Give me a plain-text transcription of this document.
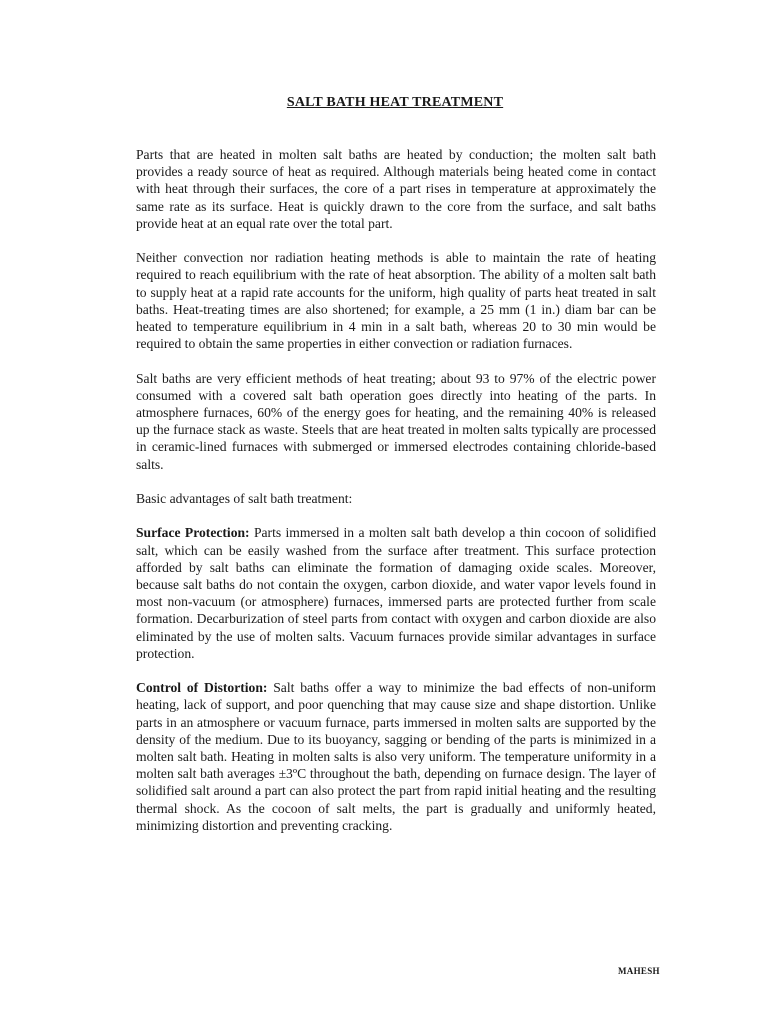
SALT BATH HEAT TREATMENT

Parts that are heated in molten salt baths are heated by conduction; the molten salt bath provides a ready source of heat as required. Although materials being heated come in contact with heat through their surfaces, the core of a part rises in temperature at approximately the same rate as its surface. Heat is quickly drawn to the core from the surface, and salt baths provide heat at an equal rate over the total part.

Neither convection nor radiation heating methods is able to maintain the rate of heating required to reach equilibrium with the rate of heat absorption. The ability of a molten salt bath to supply heat at a rapid rate accounts for the uniform, high quality of parts heat treated in salt baths. Heat-treating times are also shortened; for example, a 25 mm (1 in.) diam bar can be heated to temperature equilibrium in 4 min in a salt bath, whereas 20 to 30 min would be required to obtain the same properties in either convection or radiation furnaces.

Salt baths are very efficient methods of heat treating; about 93 to 97% of the electric power consumed with a covered salt bath operation goes directly into heating of the parts. In atmosphere furnaces, 60% of the energy goes for heating, and the remaining 40% is released up the furnace stack as waste. Steels that are heat treated in molten salts typically are processed in ceramic-lined furnaces with submerged or immersed electrodes containing chloride-based salts.

Basic advantages of salt bath treatment:

Surface Protection: Parts immersed in a molten salt bath develop a thin cocoon of solidified salt, which can be easily washed from the surface after treatment. This surface protection afforded by salt baths can eliminate the formation of damaging oxide scales. Moreover, because salt baths do not contain the oxygen, carbon dioxide, and water vapor levels found in most non-vacuum (or atmosphere) furnaces, immersed parts are protected further from scale formation. Decarburization of steel parts from contact with oxygen and carbon dioxide are also eliminated by the use of molten salts. Vacuum furnaces provide similar advantages in surface protection.

Control of Distortion: Salt baths offer a way to minimize the bad effects of non-uniform heating, lack of support, and poor quenching that may cause size and shape distortion. Unlike parts in an atmosphere or vacuum furnace, parts immersed in molten salts are supported by the density of the medium. Due to its buoyancy, sagging or bending of the parts is minimized in a molten salt bath. Heating in molten salts is also very uniform. The temperature uniformity in a molten salt bath averages ±3ºC throughout the bath, depending on furnace design. The layer of solidified salt around a part can also protect the part from rapid initial heating and the resulting thermal shock. As the cocoon of salt melts, the part is gradually and uniformly heated, minimizing distortion and preventing cracking.

MAHESH
